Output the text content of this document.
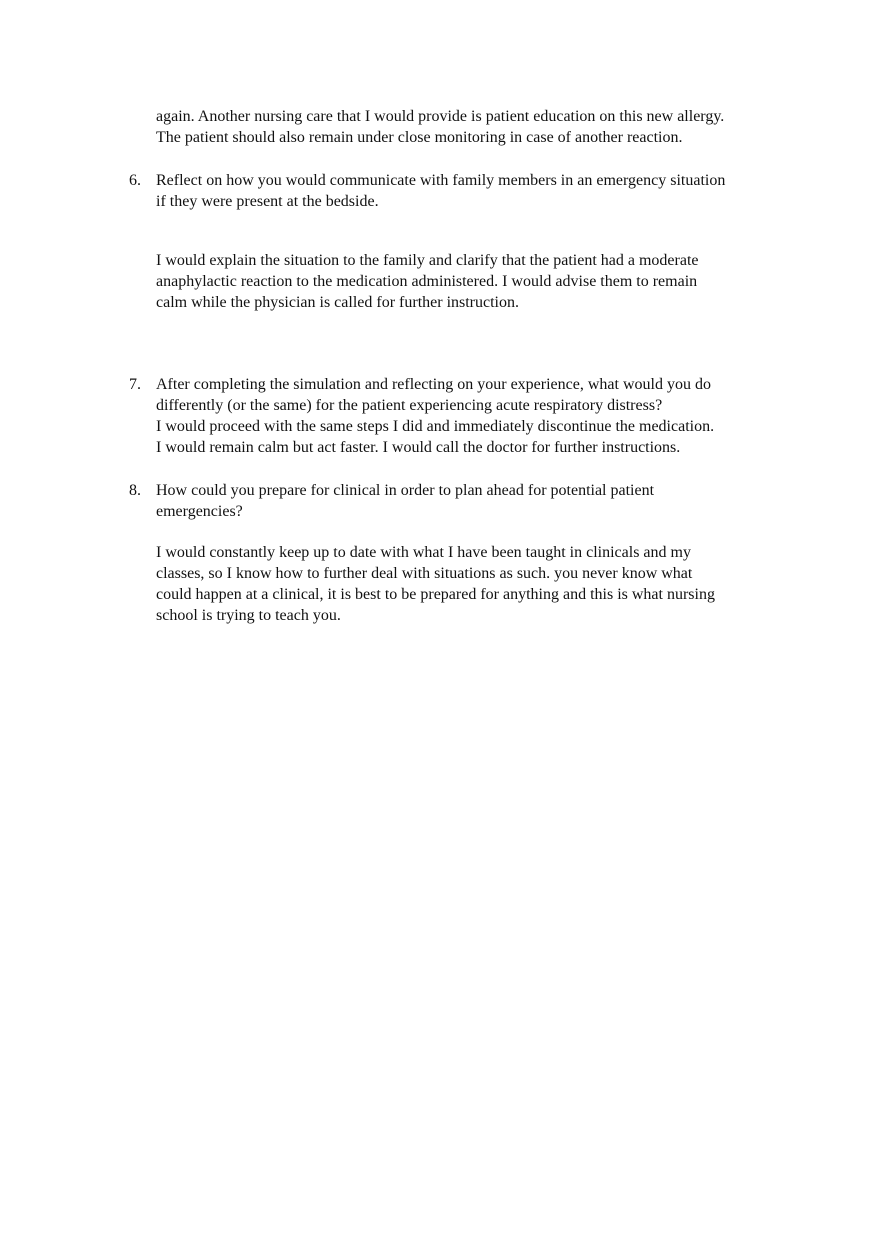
again. Another nursing care that I would provide is patient education on this new allergy.
The patient should also remain under close monitoring in case of another reaction.
6. Reflect on how you would communicate with family members in an emergency situation
if they were present at the bedside.
I would explain the situation to the family and clarify that the patient had a moderate
anaphylactic reaction to the medication administered. I would advise them to remain
calm while the physician is called for further instruction.
7. After completing the simulation and reflecting on your experience, what would you do
differently (or the same) for the patient experiencing acute respiratory distress?
I would proceed with the same steps I did and immediately discontinue the medication.
I would remain calm but act faster. I would call the doctor for further instructions.
8. How could you prepare for clinical in order to plan ahead for potential patient
emergencies?
I would constantly keep up to date with what I have been taught in clinicals and my
classes, so I know how to further deal with situations as such. you never know what
could happen at a clinical, it is best to be prepared for anything and this is what nursing
school is trying to teach you.
